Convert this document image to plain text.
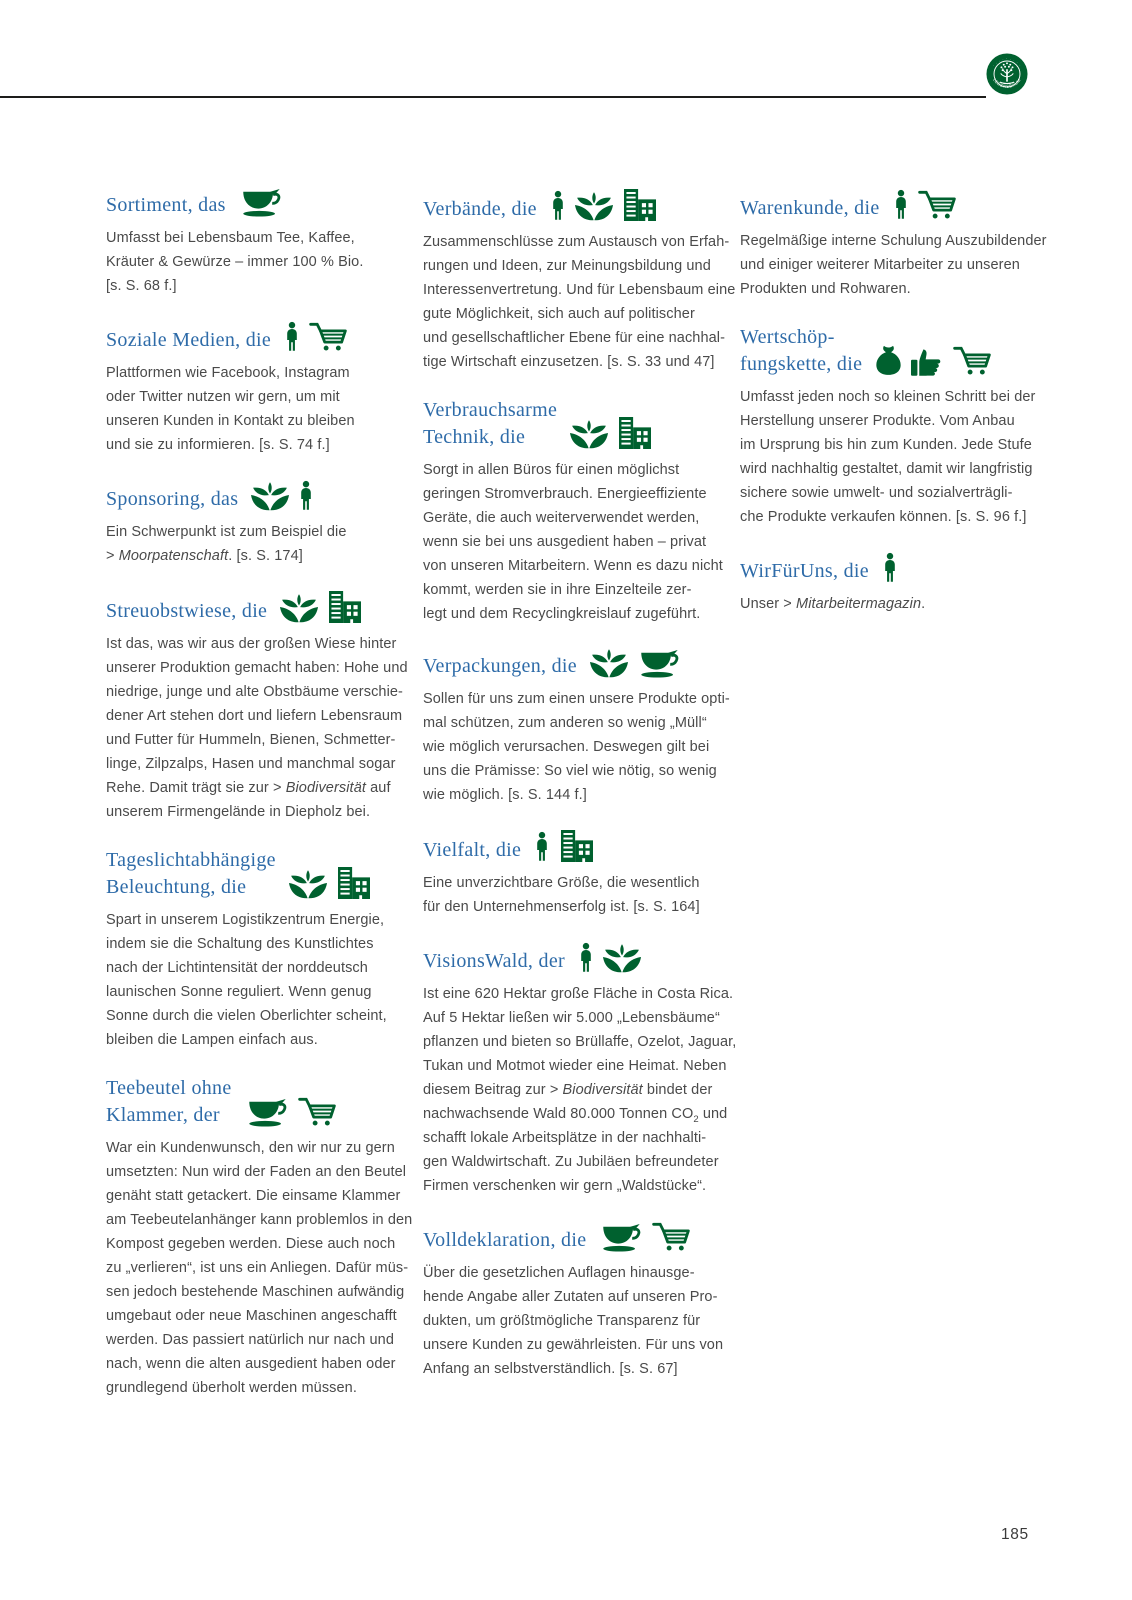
LEBENSBAUM
· · · · · · · · ·
Sortiment, das

Umfasst bei Lebensbaum Tee, Kaffee,
Kräuter & Gewürze – immer 100 % Bio.
[s. S. 68 f.]

Soziale Medien, die

Plattformen wie Facebook, Instagram
oder Twitter nutzen wir gern, um mit
unseren Kunden in Kontakt zu bleiben
und sie zu informieren. [s. S. 74 f.]

Sponsoring, das

Ein Schwerpunkt ist zum Beispiel die
> Moorpatenschaft. [s. S. 174]

Streuobstwiese, die

Ist das, was wir aus der großen Wiese hinter
unserer Produktion gemacht haben: Hohe und
niedrige, junge und alte Obstbäume verschie-
dener Art stehen dort und liefern Lebensraum
und Futter für Hummeln, Bienen, Schmetter-
linge, Zilpzalps, Hasen und manchmal sogar
Rehe. Damit trägt sie zur > Biodiversität auf
unserem Firmengelände in Diepholz bei.

Tageslichtabhängige
Beleuchtung, die

Spart in unserem Logistikzentrum Energie,
indem sie die Schaltung des Kunstlichtes
nach der Lichtintensität der norddeutsch
launischen Sonne reguliert. Wenn genug
Sonne durch die vielen Oberlichter scheint,
bleiben die Lampen einfach aus.

Teebeutel ohne
Klammer, der

War ein Kundenwunsch, den wir nur zu gern
umsetzten: Nun wird der Faden an den Beutel
genäht statt getackert. Die einsame Klammer
am Teebeutelanhänger kann problemlos in den
Kompost gegeben werden. Diese auch noch
zu „verlieren“, ist uns ein Anliegen. Dafür müs-
sen jedoch bestehende Maschinen aufwändig
umgebaut oder neue Maschinen angeschafft
werden. Das passiert natürlich nur nach und
nach, wenn die alten ausgedient haben oder
grundlegend überholt werden müssen.

Verbände, die

Zusammenschlüsse zum Austausch von Erfah-
rungen und Ideen, zur Meinungsbildung und
Interessenvertretung. Und für Lebensbaum eine
gute Möglichkeit, sich auch auf politischer
und gesellschaftlicher Ebene für eine nachhal-
tige Wirtschaft einzusetzen. [s. S. 33 und 47]

Verbrauchsarme
Technik, die

Sorgt in allen Büros für einen möglichst
geringen Stromverbrauch. Energieeffiziente
Geräte, die auch weiterverwendet werden,
wenn sie bei uns ausgedient haben – privat
von unseren Mitarbeitern. Wenn es dazu nicht
kommt, werden sie in ihre Einzelteile zer-
legt und dem Recyclingkreislauf zugeführt.

Verpackungen, die

Sollen für uns zum einen unsere Produkte opti-
mal schützen, zum anderen so wenig „Müll“
wie möglich verursachen. Deswegen gilt bei
uns die Prämisse: So viel wie nötig, so wenig
wie möglich. [s. S. 144 f.]

Vielfalt, die

Eine unverzichtbare Größe, die wesentlich
für den Unternehmenserfolg ist. [s. S. 164]

VisionsWald, der

Ist eine 620 Hektar große Fläche in Costa Rica.
Auf 5 Hektar ließen wir 5.000 „Lebensbäume“
pflanzen und bieten so Brüllaffe, Ozelot, Jaguar,
Tukan und Motmot wieder eine Heimat. Neben
diesem Beitrag zur > Biodiversität bindet der
nachwachsende Wald 80.000 Tonnen $CO_2$ und
schafft lokale Arbeitsplätze in der nachhalti-
gen Waldwirtschaft. Zu Jubiläen befreundeter
Firmen verschenken wir gern „Waldstücke“.

Volldeklaration, die

Über die gesetzlichen Auflagen hinausge-
hende Angabe aller Zutaten auf unseren Pro-
dukten, um größtmögliche Transparenz für
unsere Kunden zu gewährleisten. Für uns von
Anfang an selbstverständlich. [s. S. 67]

Warenkunde, die

Regelmäßige interne Schulung Auszubildender
und einiger weiterer Mitarbeiter zu unseren
Produkten und Rohwaren.

Wertschöp-
fungskette, die

Umfasst jeden noch so kleinen Schritt bei der
Herstellung unserer Produkte. Vom Anbau
im Ursprung bis hin zum Kunden. Jede Stufe
wird nachhaltig gestaltet, damit wir langfristig
sichere sowie umwelt- und sozialverträgli-
che Produkte verkaufen können. [s. S. 96 f.]

WirFürUns, die

Unser > Mitarbeitermagazin.

185
